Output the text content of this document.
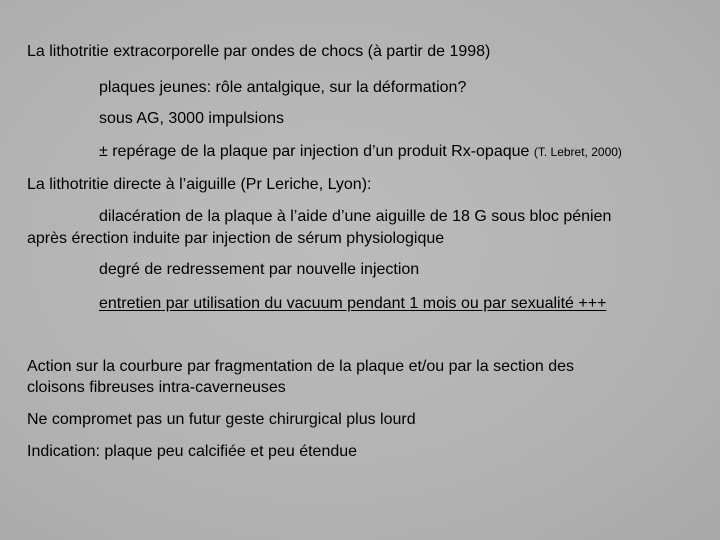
La lithotritie extracorporelle par ondes de chocs (à partir de 1998)
plaques jeunes: rôle antalgique, sur la déformation?
sous AG, 3000 impulsions
± repérage de la plaque par injection d’un produit Rx-opaque (T. Lebret, 2000)
La lithotritie directe à l’aiguille (Pr Leriche, Lyon):
dilacération de la plaque à l’aide d’une aiguille de 18 G sous bloc pénien
après érection induite par injection de sérum physiologique
degré de redressement par nouvelle injection
entretien par utilisation du vacuum pendant 1 mois ou par sexualité +++
Action sur la courbure par fragmentation de la plaque et/ou par la section des
cloisons fibreuses intra-caverneuses
Ne compromet pas un futur geste chirurgical plus lourd
Indication: plaque peu calcifiée et peu étendue
